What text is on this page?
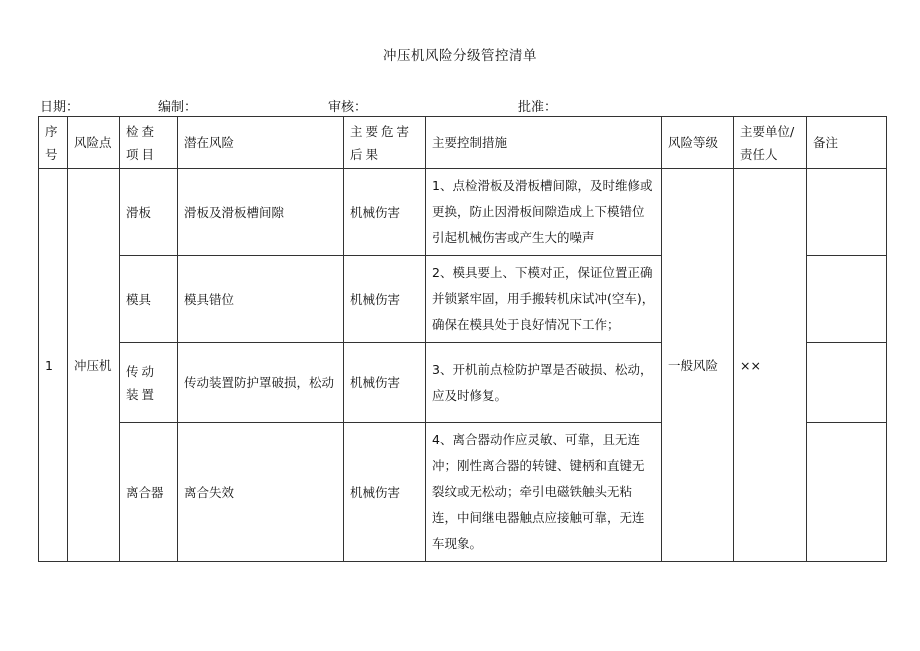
冲压机风险分级管控清单
日期：	编制：	审核：	批准：
序号	风险点	检查项目	潜在风险	主要危害后果	主要控制措施	风险等级	主要单位/责任人	备注
1	冲压机	滑板	滑板及滑板槽间隙	机械伤害	1、点检滑板及滑板槽间隙，及时维修或更换，防止因滑板间隙造成上下模错位引起机械伤害或产生大的噪声	一般风险	××	
		模具	模具错位	机械伤害	2、模具要上、下模对正，保证位置正确并锁紧牢固，用手搬转机床试冲(空车)，确保在模具处于良好情况下工作；			
		传动装置	传动装置防护罩破损，松动	机械伤害	3、开机前点检防护罩是否破损、松动，应及时修复。			
		离合器	离合失效	机械伤害	4、离合器动作应灵敏、可靠，且无连冲；刚性离合器的转键、键柄和直键无裂纹或无松动；牵引电磁铁触头无粘连，中间继电器触点应接触可靠，无连车现象。			
